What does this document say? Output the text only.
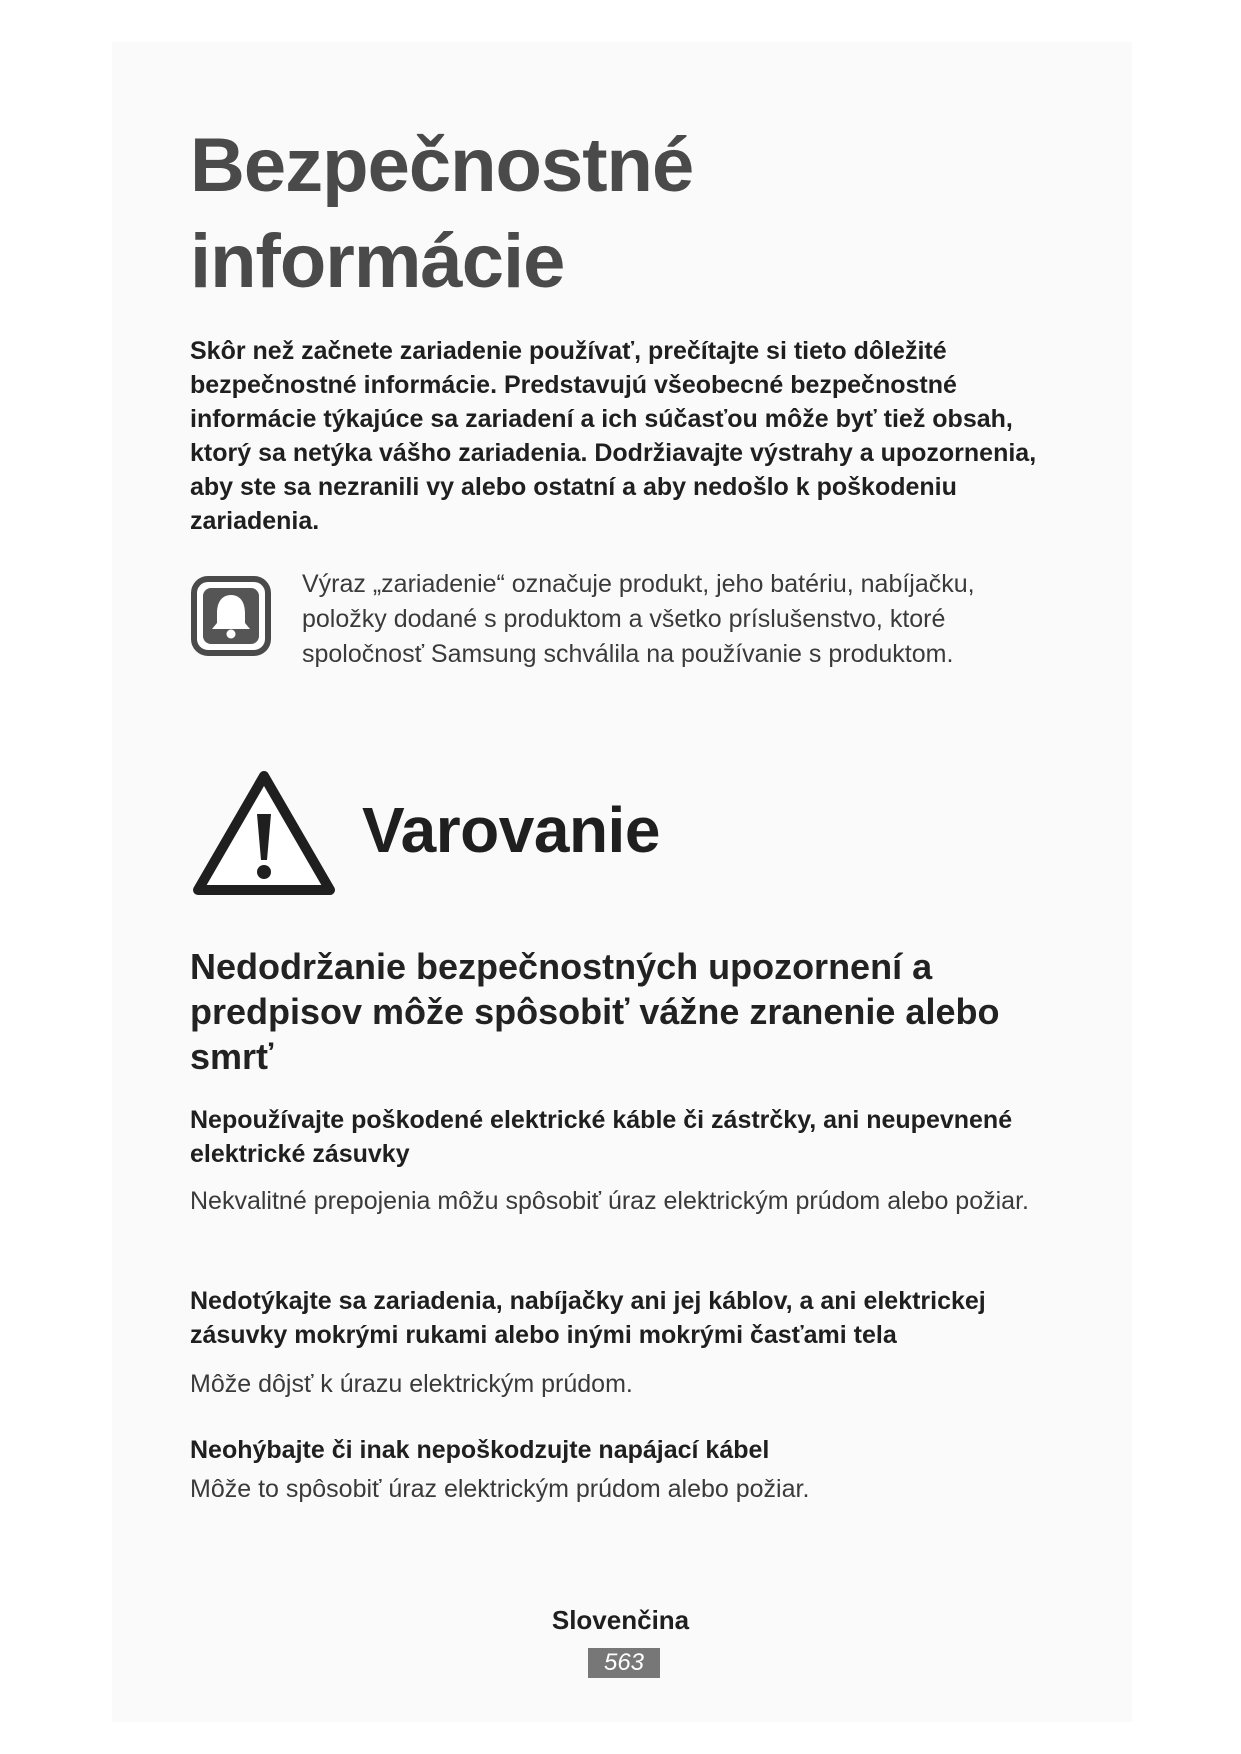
Bezpečnostné
informácie

Skôr než začnete zariadenie používať, prečítajte si tieto dôležité bezpečnostné informácie. Predstavujú všeobecné bezpečnostné informácie týkajúce sa zariadení a ich súčasťou môže byť tiež obsah, ktorý sa netýka vášho zariadenia. Dodržiavajte výstrahy a upozornenia, aby ste sa nezranili vy alebo ostatní a aby nedošlo k poškodeniu zariadenia.

Výraz „zariadenie“ označuje produkt, jeho batériu, nabíjačku, položky dodané s produktom a všetko príslušenstvo, ktoré spoločnosť Samsung schválila na používanie s produktom.

Varovanie
Nedodržanie bezpečnostných upozornení a predpisov môže spôsobiť vážne zranenie alebo smrť

Nepoužívajte poškodené elektrické káble či zástrčky, ani neupevnené elektrické zásuvky

Nekvalitné prepojenia môžu spôsobiť úraz elektrickým prúdom alebo požiar.

Nedotýkajte sa zariadenia, nabíjačky ani jej káblov, a ani elektrickej zásuvky mokrými rukami alebo inými mokrými časťami tela

Môže dôjsť k úrazu elektrickým prúdom.

Neohýbajte či inak nepoškodzujte napájací kábel

Môže to spôsobiť úraz elektrickým prúdom alebo požiar.

Slovenčina

563
